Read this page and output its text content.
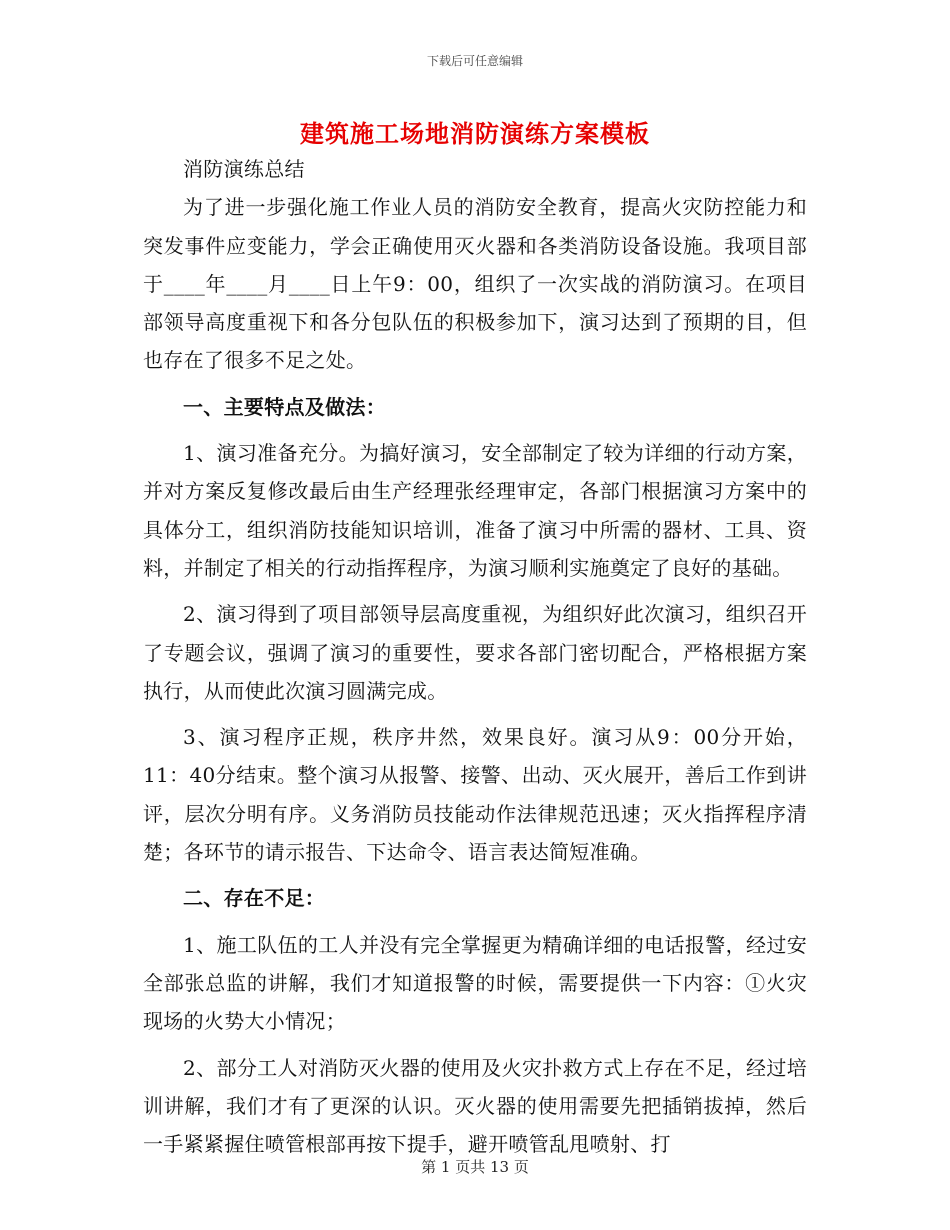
下载后可任意编辑
建筑施工场地消防演练方案模板

消防演练总结

为了进一步强化施工作业人员的消防安全教育，提高火灾防控能力和突发事件应变能力，学会正确使用灭火器和各类消防设备设施。我项目部于____年____月____日上午9：00，组织了一次实战的消防演习。在项目部领导高度重视下和各分包队伍的积极参加下，演习达到了预期的目，但也存在了很多不足之处。

一、主要特点及做法：

1、演习准备充分。为搞好演习，安全部制定了较为详细的行动方案，并对方案反复修改最后由生产经理张经理审定，各部门根据演习方案中的具体分工，组织消防技能知识培训，准备了演习中所需的器材、工具、资料，并制定了相关的行动指挥程序，为演习顺利实施奠定了良好的基础。

2、演习得到了项目部领导层高度重视，为组织好此次演习，组织召开了专题会议，强调了演习的重要性，要求各部门密切配合，严格根据方案执行，从而使此次演习圆满完成。

3、演习程序正规，秩序井然，效果良好。演习从9：00分开始，11：40分结束。整个演习从报警、接警、出动、灭火展开，善后工作到讲评，层次分明有序。义务消防员技能动作法律规范迅速；灭火指挥程序清楚；各环节的请示报告、下达命令、语言表达简短准确。

二、存在不足：

1、施工队伍的工人并没有完全掌握更为精确详细的电话报警，经过安全部张总监的讲解，我们才知道报警的时候，需要提供一下内容：①火灾现场的火势大小情况；

2、部分工人对消防灭火器的使用及火灾扑救方式上存在不足，经过培训讲解，我们才有了更深的认识。灭火器的使用需要先把插销拔掉，然后一手紧紧握住喷管根部再按下提手，避开喷管乱甩喷射、打

第 1 页共 13 页
